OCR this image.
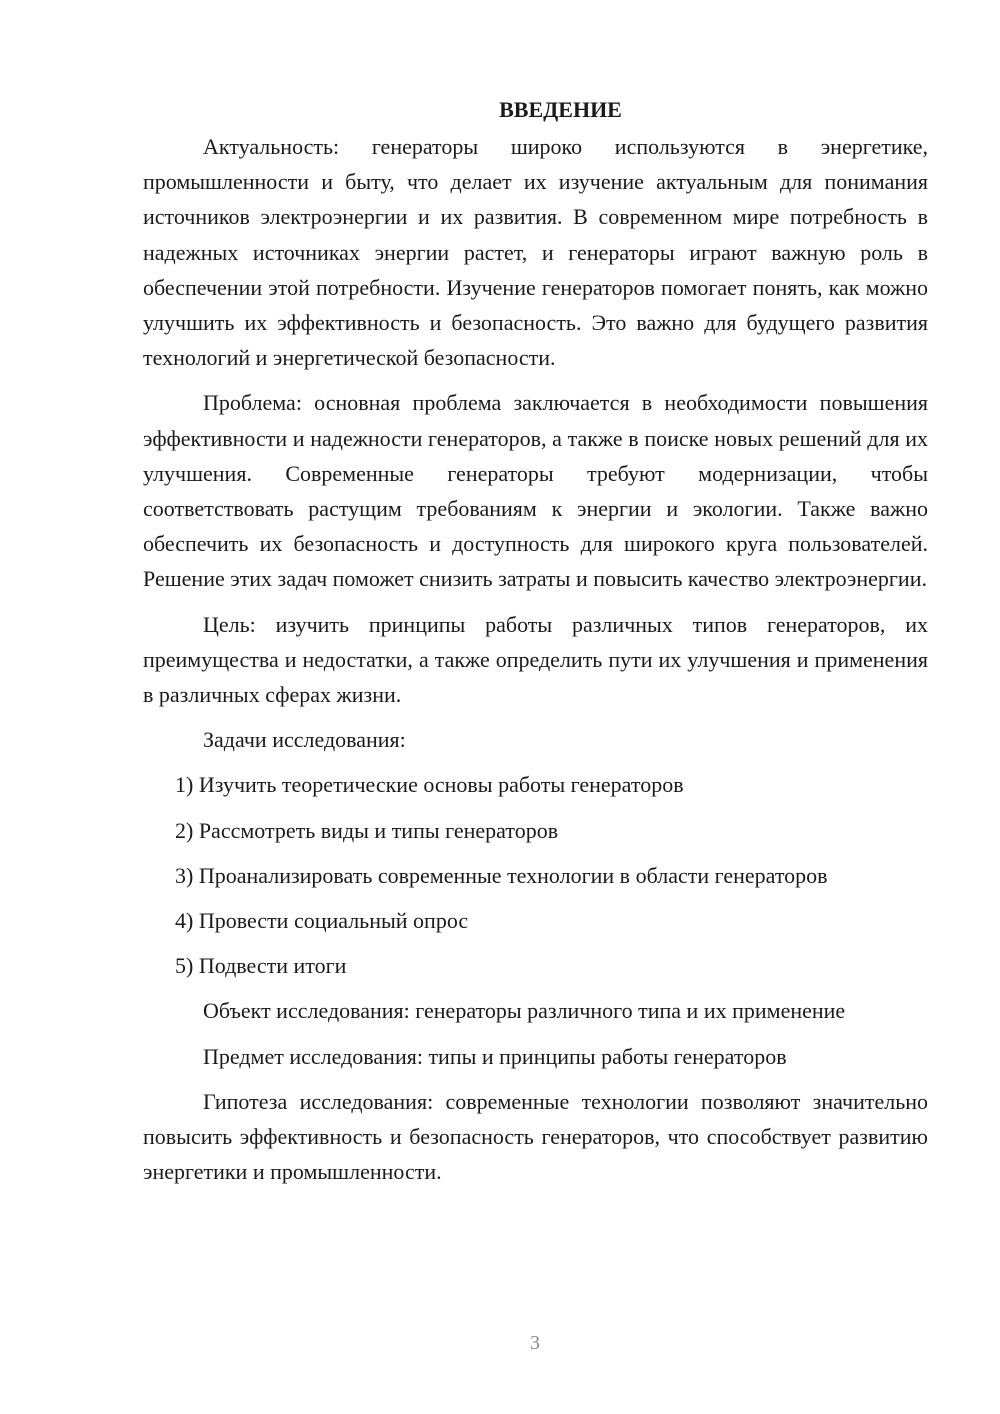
ВВЕДЕНИЕ

Актуальность: генераторы широко используются в энергетике, промышленности и быту, что делает их изучение актуальным для понимания источников электроэнергии и их развития. В современном мире потребность в надежных источниках энергии растет, и генераторы играют важную роль в обеспечении этой потребности. Изучение генераторов помогает понять, как можно улучшить их эффективность и безопасность. Это важно для будущего развития технологий и энергетической безопасности.

Проблема: основная проблема заключается в необходимости повышения эффективности и надежности генераторов, а также в поиске новых решений для их улучшения. Современные генераторы требуют модернизации, чтобы соответствовать растущим требованиям к энергии и экологии. Также важно обеспечить их безопасность и доступность для широкого круга пользователей. Решение этих задач поможет снизить затраты и повысить качество электроэнергии.

Цель: изучить принципы работы различных типов генераторов, их преимущества и недостатки, а также определить пути их улучшения и применения в различных сферах жизни.

Задачи исследования:

1) Изучить теоретические основы работы генераторов

2) Рассмотреть виды и типы генераторов

3) Проанализировать современные технологии в области генераторов

4) Провести социальный опрос

5) Подвести итоги

Объект исследования: генераторы различного типа и их применение

Предмет исследования: типы и принципы работы генераторов

Гипотеза исследования: современные технологии позволяют значительно повысить эффективность и безопасность генераторов, что способствует развитию энергетики и промышленности.

3
